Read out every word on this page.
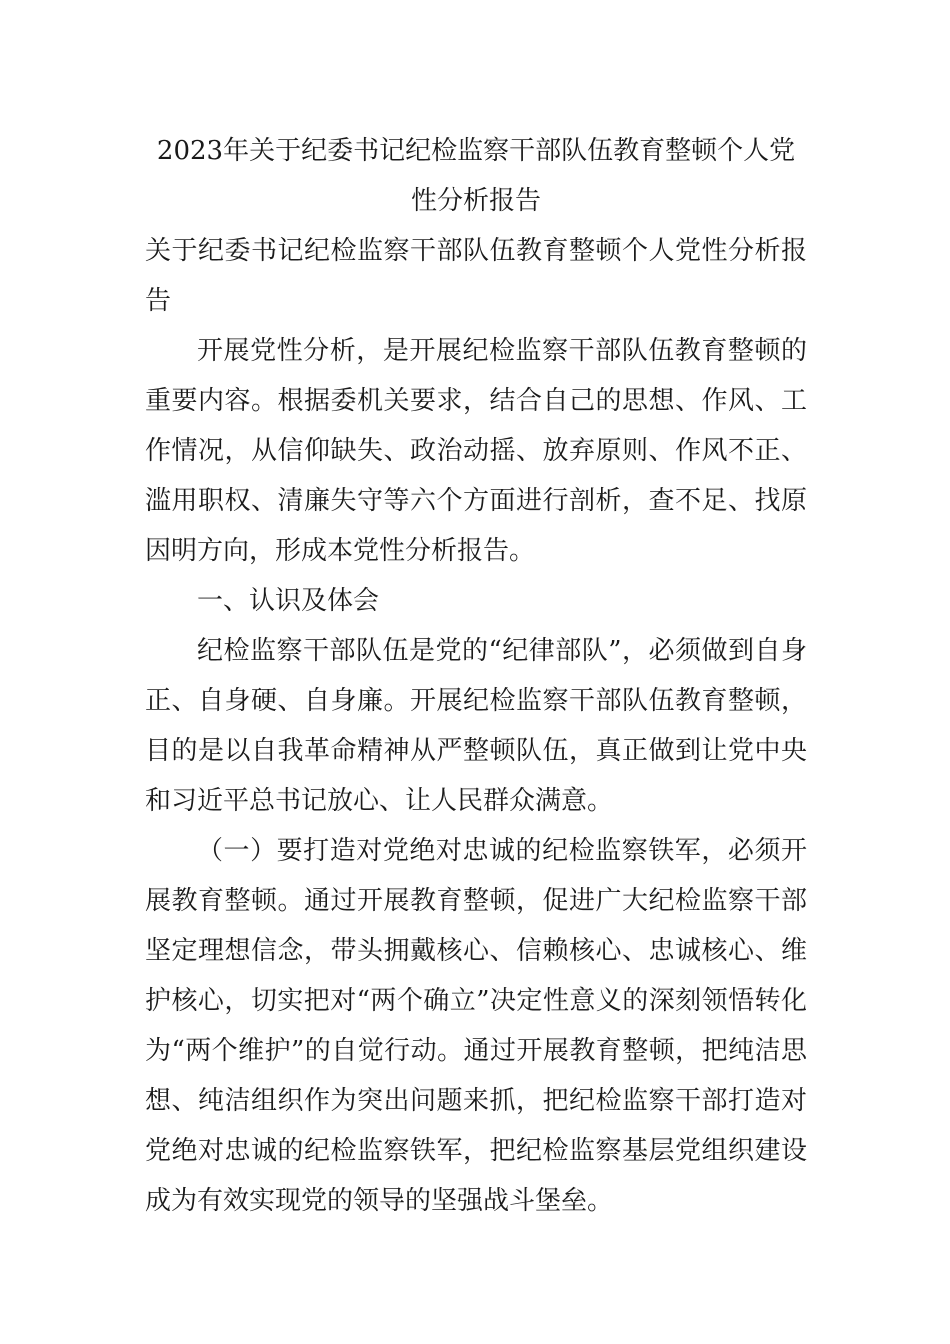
2023年关于纪委书记纪检监察干部队伍教育整顿个人党性分析报告

关于纪委书记纪检监察干部队伍教育整顿个人党性分析报告

开展党性分析，是开展纪检监察干部队伍教育整顿的重要内容。根据委机关要求，结合自己的思想、作风、工作情况，从信仰缺失、政治动摇、放弃原则、作风不正、滥用职权、清廉失守等六个方面进行剖析，查不足、找原因明方向，形成本党性分析报告。

一、认识及体会

纪检监察干部队伍是党的“纪律部队”，必须做到自身正、自身硬、自身廉。开展纪检监察干部队伍教育整顿，目的是以自我革命精神从严整顿队伍，真正做到让党中央和习近平总书记放心、让人民群众满意。

（一）要打造对党绝对忠诚的纪检监察铁军，必须开展教育整顿。通过开展教育整顿，促进广大纪检监察干部坚定理想信念，带头拥戴核心、信赖核心、忠诚核心、维护核心，切实把对“两个确立”决定性意义的深刻领悟转化为“两个维护”的自觉行动。通过开展教育整顿，把纯洁思想、纯洁组织作为突出问题来抓，把纪检监察干部打造对党绝对忠诚的纪检监察铁军，把纪检监察基层党组织建设成为有效实现党的领导的坚强战斗堡垒。
